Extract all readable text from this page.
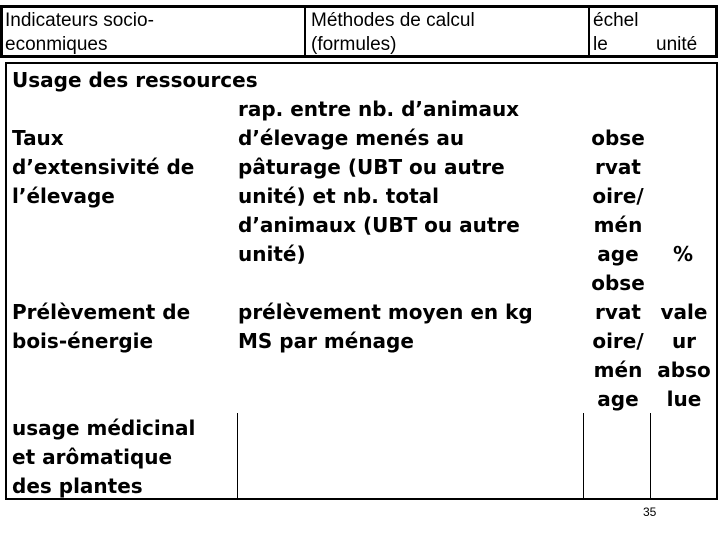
Indicateurs socio-
econmiques
Méthodes de calcul
(formules)
échel
le	unité
Usage des ressources
Taux
d’extensivité de
l’élevage
rap. entre nb. d’animaux
d’élevage menés au
pâturage (UBT ou autre
unité) et nb. total
d’animaux (UBT ou autre
unité)
obse
rvat
oire/
mén
age	%
Prélèvement de
bois-énergie
prélèvement moyen en kg
MS par ménage
obse
rvat
oire/
mén
age
vale
ur
abso
lue
usage médicinal
et arômatique
des plantes
35
